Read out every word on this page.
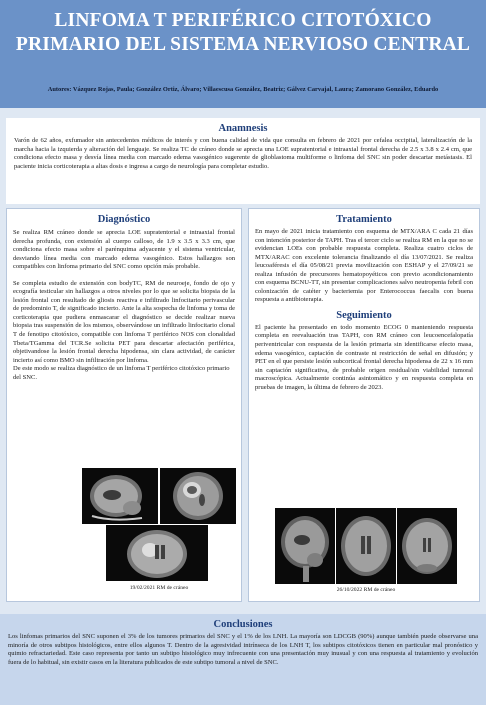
LINFOMA T PERIFÉRICO CITOTÓXICO
PRIMARIO DEL SISTEMA NERVIOSO CENTRAL
Autores: Vázquez Rojas, Paula; González Ortiz, Álvaro; Villaescusa González, Beatriz; Gálvez Carvajal, Laura; Zamorano González, Eduardo
Anamnesis
Varón de 62 años, exfumador sin antecedentes médicos de interés y con buena calidad de vida que consulta en febrero de 2021 por cefalea occipital, lateralización de la marcha hacia la izquierda y alteración del lenguaje. Se realiza TC de cráneo donde se aprecia una LOE supratentorial e intraaxial frontal derecha de 2.5 x 3.8 x 2.4 cm, que condiciona efecto masa y desvía línea media con marcado edema vasogénico sugerente de glioblastoma multiforme o linfoma del SNC sin poder descartar metástasis. El paciente inicia corticoterapia a altas dosis e ingresa a cargo de neurología para completar estudio.
Diagnóstico

Se realiza RM cráneo donde se aprecia LOE supratentorial e intraaxial frontal derecha profunda, con extensión al cuerpo calloso, de 1.9 x 3.5 x 3.3 cm, que condiciona efecto masa sobre el parénquima adyacente y el sistema ventricular, desviando línea media con marcado edema vasogénico. Estos hallazgos son compatibles con linfoma primario del SNC como opción más probable.

Se completa estudio de extensión con bodyTC, RM de neuroeje, fondo de ojo y ecografía testicular sin hallazgos a otros niveles por lo que se solicita biopsia de la lesión frontal con resultado de gliosis reactiva e infiltrado linfocitario perivascular de predominio T, de significado incierto. Ante la alta sospecha de linfoma y toma de corticoterapia que pudiera enmascarar el diagnóstico se decide realizar nueva biopsia tras suspensión de los mismos, observándose un infiltrado linfocitario clonal T de fenotipo citotóxico, compatible con linfoma T periférico NOS con clonalidad Tbeta/TGamma del TCR.Se solicita PET para descartar afectación periférica, objetivandose la lesión frontal derecha hipodensa, sin clara actividad, de carácter incierto así como BMO sin infiltración por linfoma.

De este modo se realiza diagnóstico de un linfoma T periférico citotóxico primario del SNC.

19/02/2021 RM de cráneo
Tratamiento
En mayo de 2021 inicia tratamiento con esquema de MTX/ARA C cada 21 días con intención posterior de TAPH. Tras el tercer ciclo se realiza RM en la que no se evidencian LOEs con probable respuesta completa. Realiza cuatro ciclos de MTX/ARAC con excelente tolerancia finalizando el día 13/07/2021. Se realiza leucoaféresis el día 05/08/21 previa movilización con ESHAP y el 27/09/21 se realiza infusión de precursores hematopoyéticos con previo acondicionamiento con esquema BCNU-TT, sin presentar complicaciones salvo neutropenia febril con colonización de catéter y bacteriemia por Enterococcus faecalis con buena respuesta a antibioterapia.
Seguimiento
El paciente ha presentado en todo momento ECOG 0 manteniendo respuesta completa en reevaluación tras TAPH, con RM cráneo con leucoencefalopatía periventricular con respuesta de la lesión primaria sin identificarse efecto masa, edema vasogénico, captación de contraste ni restricción de señal en difusión; y PET en el que persiste lesión subcortical frontal derecha hipodensa de 22 x 16 mm sin captación significativa, de probable origen residual/sin viabilidad tumoral macroscópica. Actualmente continúa asintomático y en respuesta completa en pruebas de imagen, la última de febrero de 2023.
26/10/2022 RM de cráneo
Conclusiones
Los linfomas primarios del SNC suponen el 3% de los tumores primarios del SNC y el 1% de los LNH. La mayoría son LDCGB (90%) aunque también puede observarse una minoría de otros subtipos histológicos, entre ellos algunos T. Dentro de la agresividad intrínseca de los LNH T, los subtipos citotóxicos tienen en particular mal pronóstico y quimio refractariedad. Este caso representa por tanto un subtipo histológico muy infrecuente con una presentación muy inusual y con una respuesta al tratamiento y evolución fuera de lo habitual, sin existir casos en la literatura publicados de este subtipo tumoral a nivel de SNC.
